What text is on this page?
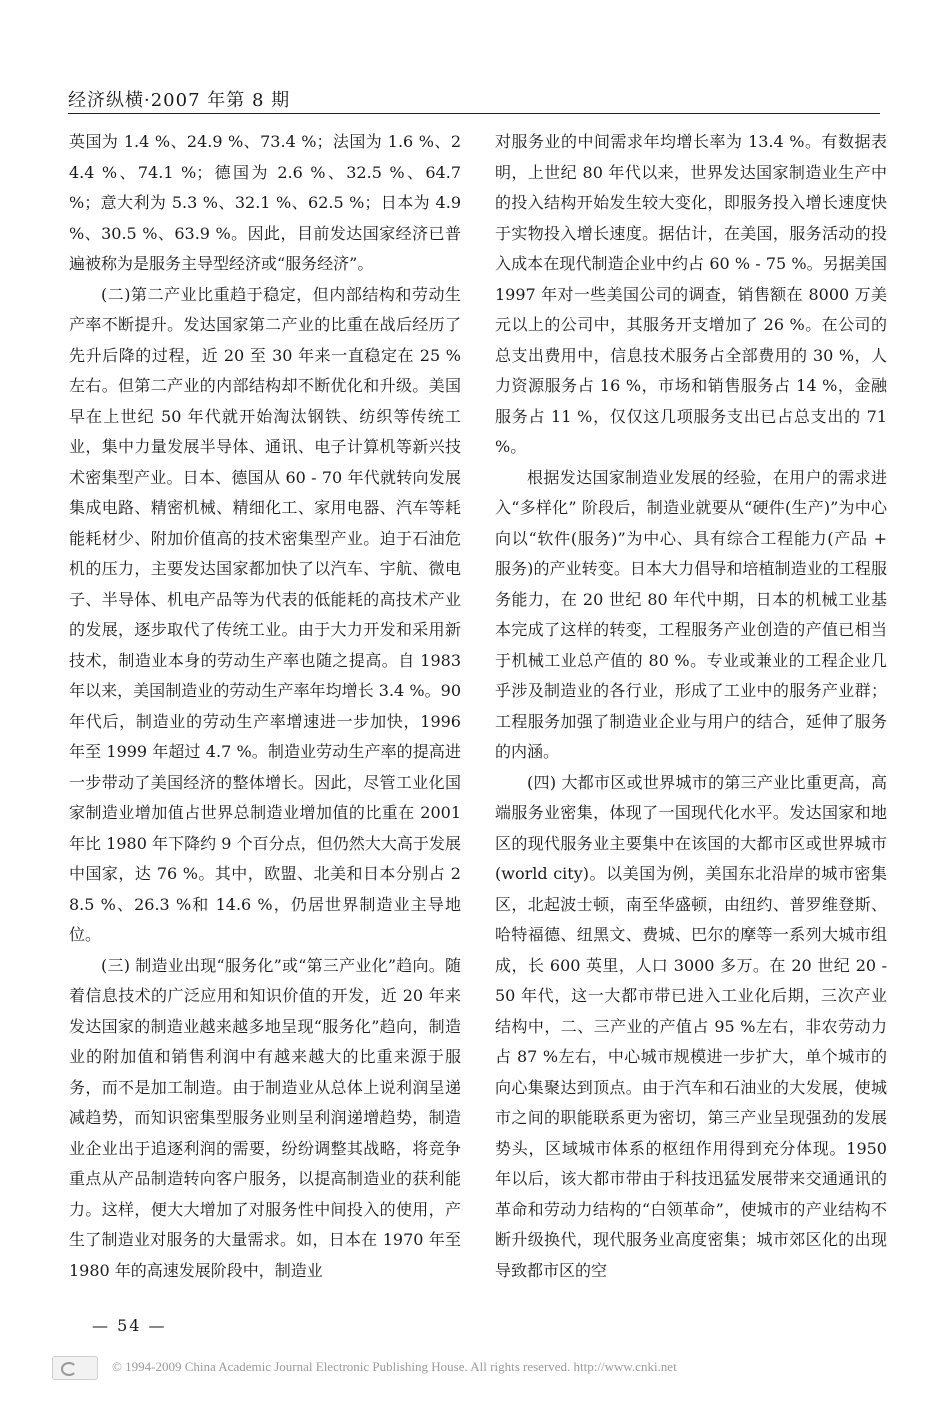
经济纵横·2007 年第 8 期

英国为 1.4 %、24.9 %、73.4 %；法国为 1.6 %、24.4 %、74.1 %；德国为 2.6 %、32.5 %、64.7 %；意大利为 5.3 %、32.1 %、62.5 %；日本为 4.9 %、30.5 %、63.9 %。因此，目前发达国家经济已普遍被称为是服务主导型经济或“服务经济”。

(二)第二产业比重趋于稳定，但内部结构和劳动生产率不断提升。发达国家第二产业的比重在战后经历了先升后降的过程，近 20 至 30 年来一直稳定在 25 %左右。但第二产业的内部结构却不断优化和升级。美国早在上世纪 50 年代就开始淘汰钢铁、纺织等传统工业，集中力量发展半导体、通讯、电子计算机等新兴技术密集型产业。日本、德国从 60 - 70 年代就转向发展集成电路、精密机械、精细化工、家用电器、汽车等耗能耗材少、附加价值高的技术密集型产业。迫于石油危机的压力，主要发达国家都加快了以汽车、宇航、微电子、半导体、机电产品等为代表的低能耗的高技术产业的发展，逐步取代了传统工业。由于大力开发和采用新技术，制造业本身的劳动生产率也随之提高。自 1983 年以来，美国制造业的劳动生产率年均增长 3.4 %。90 年代后，制造业的劳动生产率增速进一步加快，1996 年至 1999 年超过 4.7 %。制造业劳动生产率的提高进一步带动了美国经济的整体增长。因此，尽管工业化国家制造业增加值占世界总制造业增加值的比重在 2001 年比 1980 年下降约 9 个百分点，但仍然大大高于发展中国家，达 76 %。其中，欧盟、北美和日本分别占 28.5 %、26.3 %和 14.6 %，仍居世界制造业主导地位。

(三) 制造业出现“服务化”或“第三产业化”趋向。随着信息技术的广泛应用和知识价值的开发，近 20 年来发达国家的制造业越来越多地呈现“服务化”趋向，制造业的附加值和销售利润中有越来越大的比重来源于服务，而不是加工制造。由于制造业从总体上说利润呈递减趋势，而知识密集型服务业则呈利润递增趋势，制造业企业出于追逐利润的需要，纷纷调整其战略，将竞争重点从产品制造转向客户服务，以提高制造业的获利能力。这样，便大大增加了对服务性中间投入的使用，产生了制造业对服务的大量需求。如，日本在 1970 年至 1980 年的高速发展阶段中，制造业

对服务业的中间需求年均增长率为 13.4 %。有数据表明，上世纪 80 年代以来，世界发达国家制造业生产中的投入结构开始发生较大变化，即服务投入增长速度快于实物投入增长速度。据估计，在美国，服务活动的投入成本在现代制造企业中约占 60 % - 75 %。另据美国 1997 年对一些美国公司的调查，销售额在 8000 万美元以上的公司中，其服务开支增加了 26 %。在公司的总支出费用中，信息技术服务占全部费用的 30 %，人力资源服务占 16 %，市场和销售服务占 14 %，金融服务占 11 %，仅仅这几项服务支出已占总支出的 71 %。

根据发达国家制造业发展的经验，在用户的需求进入“多样化” 阶段后，制造业就要从“硬件(生产)”为中心向以“软件(服务)”为中心、具有综合工程能力(产品 + 服务)的产业转变。日本大力倡导和培植制造业的工程服务能力，在 20 世纪 80 年代中期，日本的机械工业基本完成了这样的转变，工程服务产业创造的产值已相当于机械工业总产值的 80 %。专业或兼业的工程企业几乎涉及制造业的各行业，形成了工业中的服务产业群；工程服务加强了制造业企业与用户的结合，延伸了服务的内涵。

(四) 大都市区或世界城市的第三产业比重更高，高端服务业密集，体现了一国现代化水平。发达国家和地区的现代服务业主要集中在该国的大都市区或世界城市(world city)。以美国为例，美国东北沿岸的城市密集区，北起波士顿，南至华盛顿，由纽约、普罗维登斯、哈特福德、纽黑文、费城、巴尔的摩等一系列大城市组成，长 600 英里，人口 3000 多万。在 20 世纪 20 - 50 年代，这一大都市带已进入工业化后期，三次产业结构中，二、三产业的产值占 95 %左右，非农劳动力占 87 %左右，中心城市规模进一步扩大，单个城市的向心集聚达到顶点。由于汽车和石油业的大发展，使城市之间的职能联系更为密切，第三产业呈现强劲的发展势头，区域城市体系的枢纽作用得到充分体现。1950 年以后，该大都市带由于科技迅猛发展带来交通通讯的革命和劳动力结构的“白领革命”，使城市的产业结构不断升级换代，现代服务业高度密集；城市郊区化的出现导致都市区的空

— 54 —
© 1994-2009 China Academic Journal Electronic Publishing House. All rights reserved. http://www.cnki.net
